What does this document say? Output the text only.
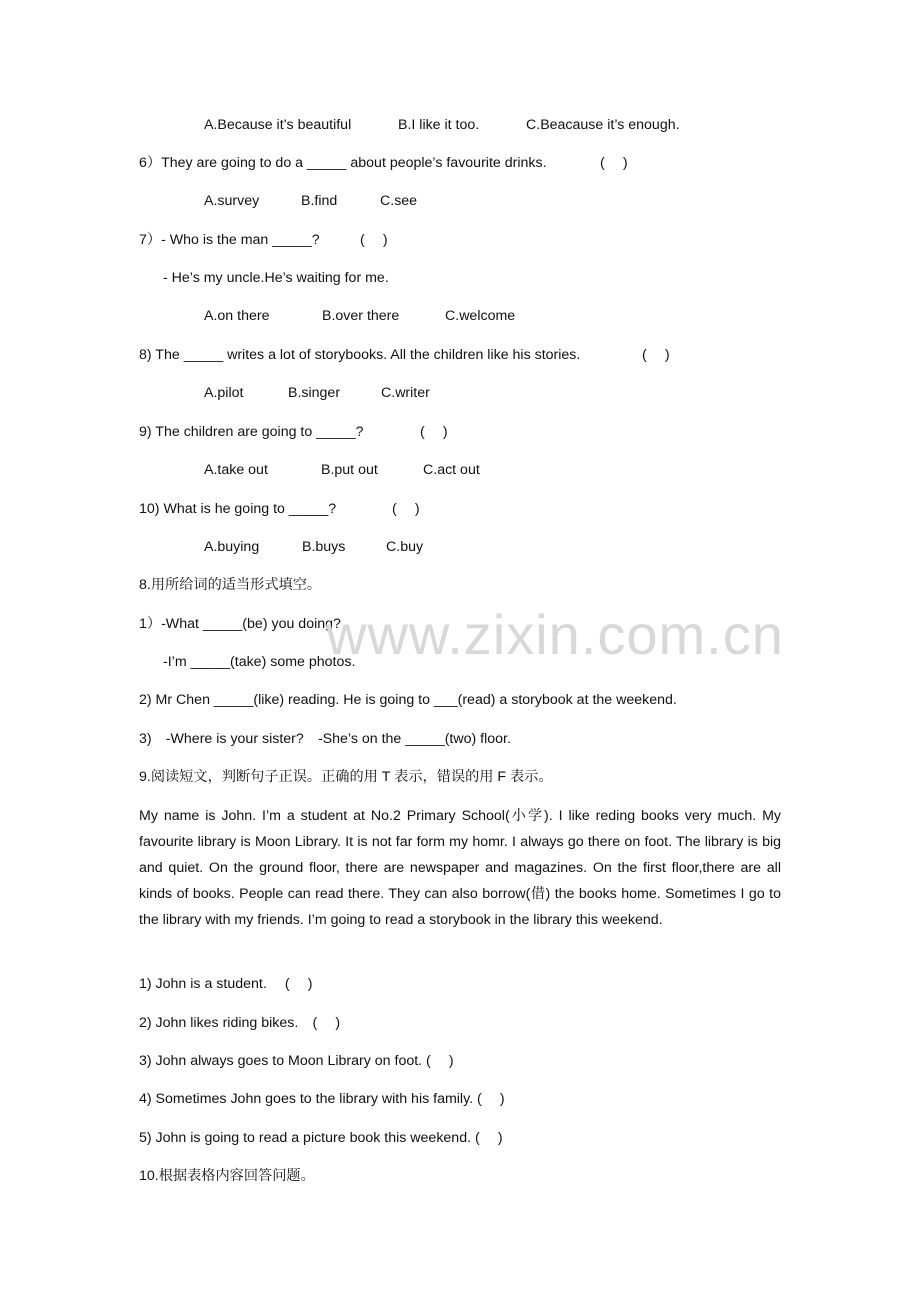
A.Because it’s beautiful	B.I like it too.	C.Beacause it’s enough.
6）They are going to do a _____ about people’s favourite drinks.	(　 )
A.survey	B.find	C.see
7）- Who is the man _____?	(　 )
- He’s my uncle.He’s waiting for me.
A.on there	B.over there	C.welcome
8) The _____ writes a lot of storybooks. All the children like his stories.	(　 )
A.pilot	B.singer	C.writer
9) The children are going to _____?	(　 )
A.take out	B.put out	C.act out
10) What is he going to _____?	(　 )
A.buying	B.buys	C.buy
8.用所给词的适当形式填空。
1）-What _____(be) you doing?
-I’m _____(take) some photos.
2) Mr Chen _____(like) reading. He is going to ___(read) a storybook at the weekend.
3)　-Where is your sister?　-She’s on the _____(two) floor.
9.阅读短文，判断句子正误。正确的用 T 表示，错误的用 F 表示。
My name is John. I’m a student at No.2 Primary School(小学). I like reding books very much. My favourite library is Moon Library. It is not far form my homr. I always go there on foot. The library is big and quiet. On the ground floor, there are newspaper and magazines. On the first floor,there are all kinds of books. People can read there. They can also borrow(借) the books home. Sometimes I go to the library with my friends. I’m going to read a storybook in the library this weekend.
1) John is a student.　 (　 )
2) John likes riding bikes.　(　 )
3) John always goes to Moon Library on foot. (　 )
4) Sometimes John goes to the library with his family. (　 )
5) John is going to read a picture book this weekend. (　 )
10.根据表格内容回答问题。
www.zixin.com.cn
